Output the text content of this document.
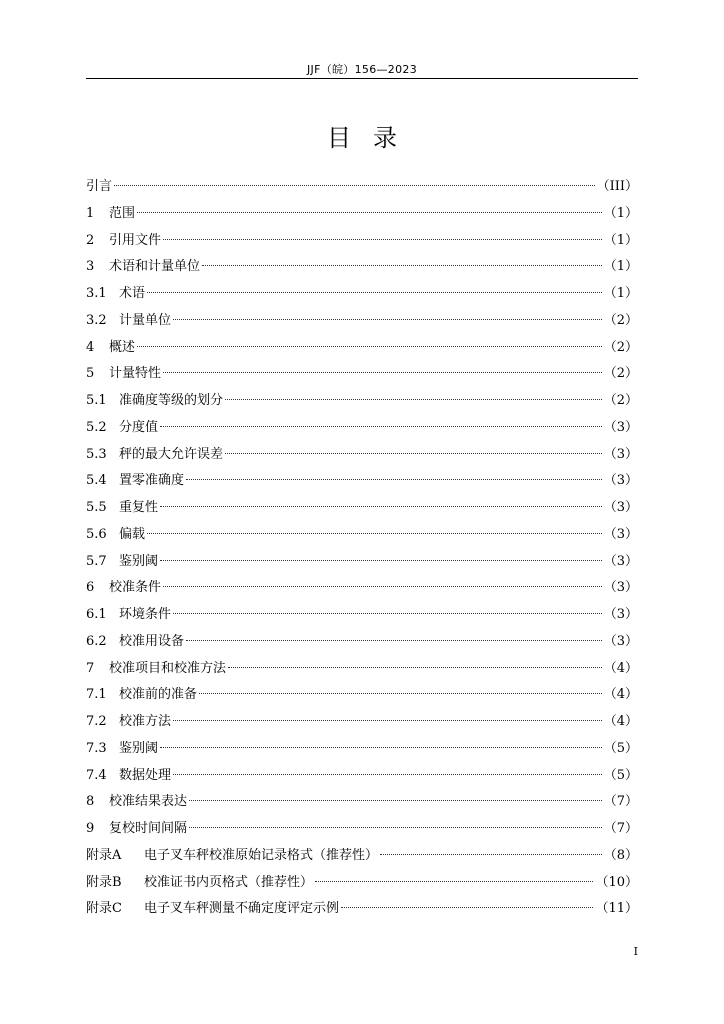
JJF（皖）156—2023
目录
引言	（III）
1	范围	（1）
2	引用文件	（1）
3	术语和计量单位	（1）
3.1 术语	（1）
3.2 计量单位	（2）
4	概述	（2）
5	计量特性	（2）
5.1 准确度等级的划分	（2）
5.2 分度值	（3）
5.3 秤的最大允许误差	（3）
5.4 置零准确度	（3）
5.5 重复性	（3）
5.6 偏载	（3）
5.7 鉴别阈	（3）
6	校准条件	（3）
6.1 环境条件	（3）
6.2 校准用设备	（3）
7	校准项目和校准方法	（4）
7.1 校准前的准备	（4）
7.2 校准方法	（4）
7.3 鉴别阈	（5）
7.4 数据处理	（5）
8	校准结果表达	（7）
9	复校时间间隔	（7）
附录A	电子叉车秤校准原始记录格式（推荐性）	（8）
附录B	校准证书内页格式（推荐性）	（10）
附录C	电子叉车秤测量不确定度评定示例	（11）
I
